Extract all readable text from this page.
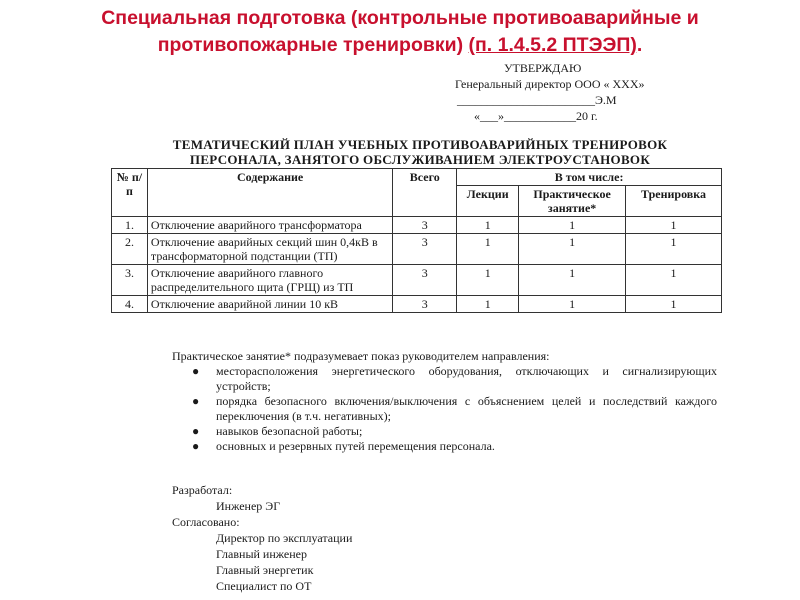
Специальная подготовка (контрольные противоаварийные и противопожарные тренировки) (п. 1.4.5.2 ПТЭЭП).
УТВЕРЖДАЮ
Генеральный директор ООО « ХХХ»
_______________________Э.М
«___»____________20 г.
ТЕМАТИЧЕСКИЙ ПЛАН УЧЕБНЫХ ПРОТИВОАВАРИЙНЫХ ТРЕНИРОВОК
ПЕРСОНАЛА, ЗАНЯТОГО ОБСЛУЖИВАНИЕМ ЭЛЕКТРОУСТАНОВОК
№ п/п	Содержание	Всего	В том числе:		
			Лекции	Практическое занятие*	Тренировка
1.	Отключение аварийного трансформатора	3	1	1	1
2.	Отключение аварийных секций шин 0,4кВ в трансформаторной подстанции (ТП)	3	1	1	1
3.	Отключение аварийного главного распределительного щита (ГРЩ) из ТП	3	1	1	1
4.	Отключение аварийной линии 10 кВ	3	1	1	1
Практическое занятие* подразумевает показ руководителем направления:
● месторасположения энергетического оборудования, отключающих и сигнализирующих устройств;
● порядка безопасного включения/выключения с объяснением целей и последствий каждого переключения (в т.ч. негативных);
● навыков безопасной работы;
● основных и резервных путей перемещения персонала.
Разработал:
Инженер ЭГ
Согласовано:
Директор по эксплуатации
Главный инженер
Главный энергетик
Специалист по ОТ
